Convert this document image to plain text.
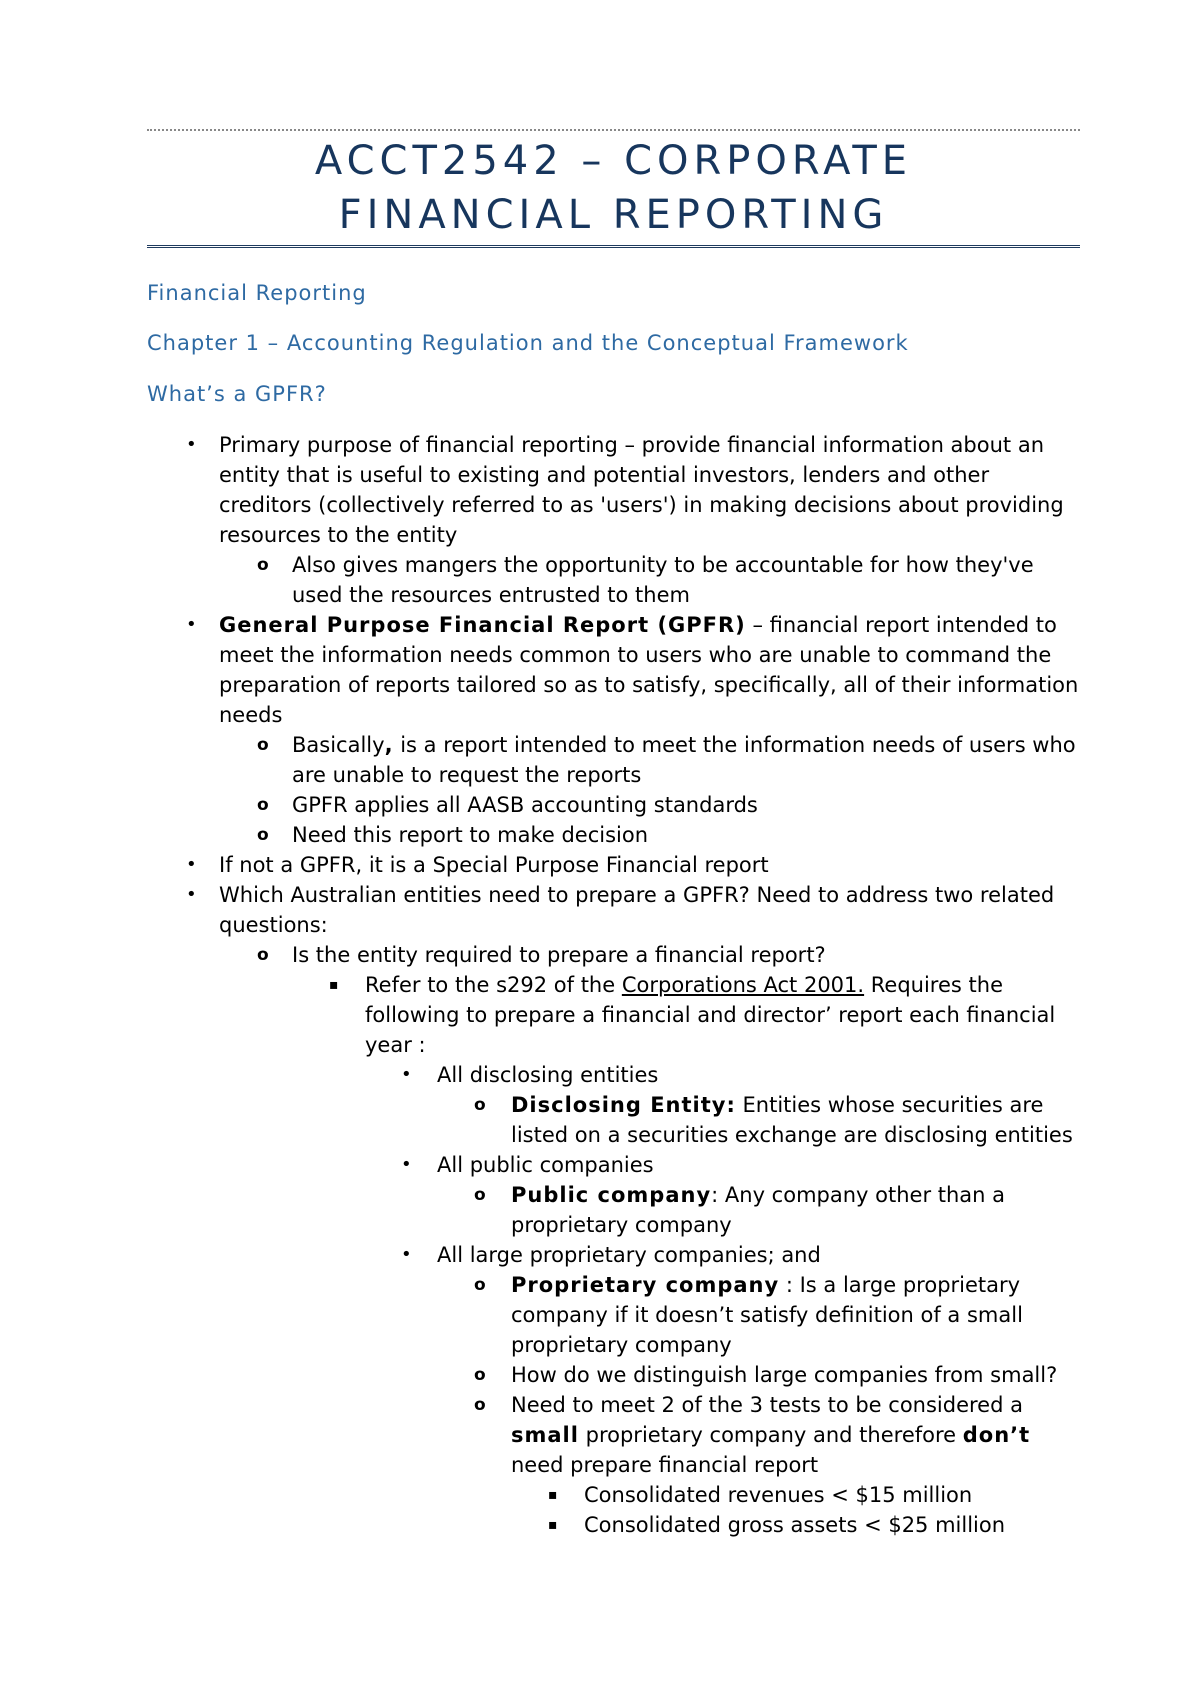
ACCT2542 – CORPORATE
FINANCIAL REPORTING
Financial Reporting
Chapter 1 – Accounting Regulation and the Conceptual Framework
What’s a GPFR?
• Primary purpose of financial reporting – provide financial information about an entity that is useful to existing and potential investors, lenders and other creditors (collectively referred to as 'users') in making decisions about providing resources to the entity
o Also gives mangers the opportunity to be accountable for how they've used the resources entrusted to them
• General Purpose Financial Report (GPFR) – financial report intended to meet the information needs common to users who are unable to command the preparation of reports tailored so as to satisfy, specifically, all of their information needs
o Basically, is a report intended to meet the information needs of users who are unable to request the reports
o GPFR applies all AASB accounting standards
o Need this report to make decision
• If not a GPFR, it is a Special Purpose Financial report
• Which Australian entities need to prepare a GPFR? Need to address two related questions:
o Is the entity required to prepare a financial report?
▪ Refer to the s292 of the Corporations Act 2001. Requires the following to prepare a financial and director’ report each financial year :
• All disclosing entities
o Disclosing Entity: Entities whose securities are listed on a securities exchange are disclosing entities
• All public companies
o Public company: Any company other than a proprietary company
• All large proprietary companies; and
o Proprietary company : Is a large proprietary company if it doesn’t satisfy definition of a small proprietary company
o How do we distinguish large companies from small?
o Need to meet 2 of the 3 tests to be considered a small proprietary company and therefore don’t need prepare financial report
▪ Consolidated revenues < $15 million
▪ Consolidated gross assets < $25 million
